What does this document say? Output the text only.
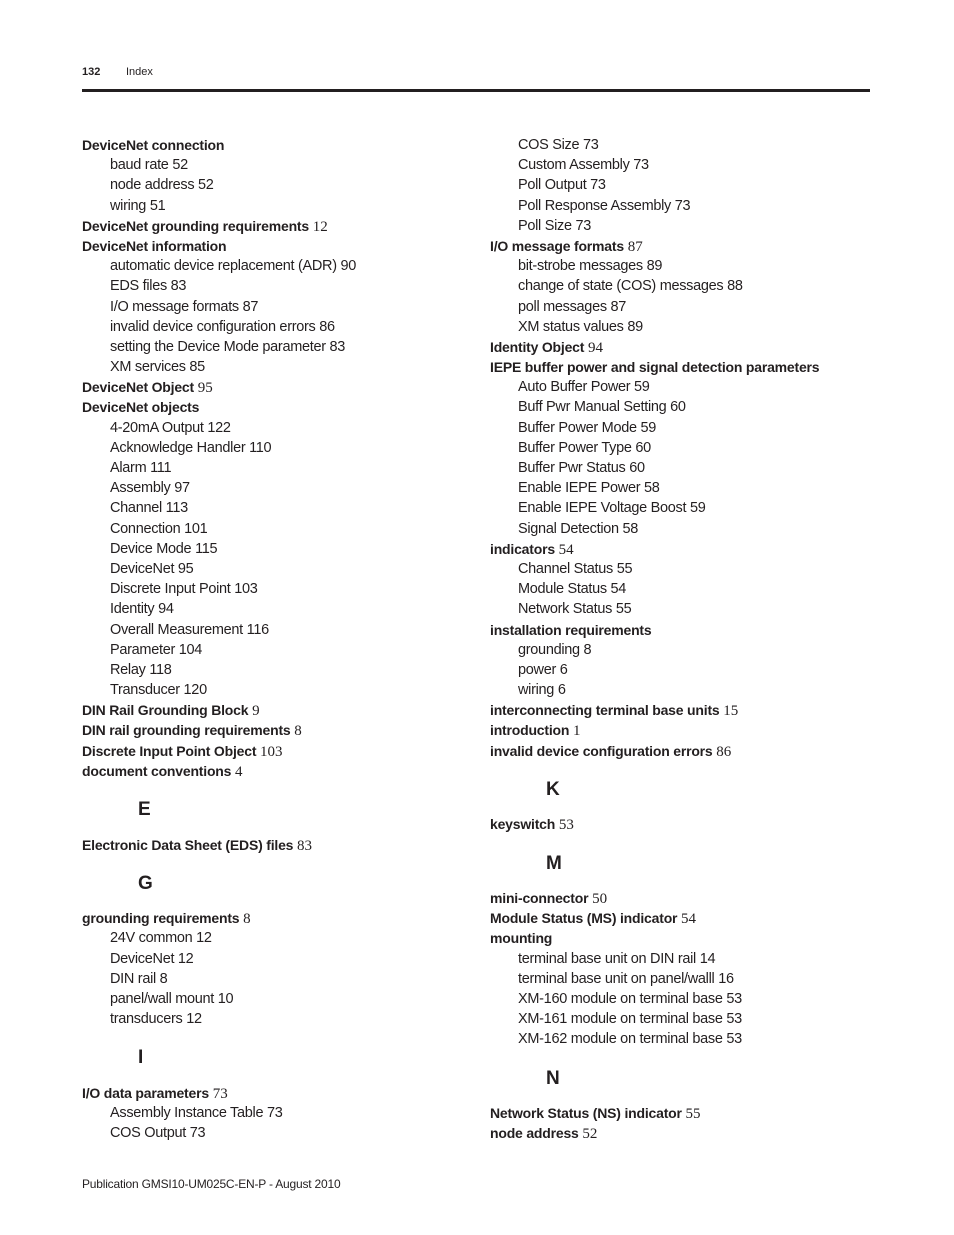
132 Index
DeviceNet connection
baud rate 52
node address 52
wiring 51
DeviceNet grounding requirements 12
DeviceNet information
automatic device replacement (ADR) 90
EDS files 83
I/O message formats 87
invalid device configuration errors 86
setting the Device Mode parameter 83
XM services 85
DeviceNet Object 95
DeviceNet objects
4-20mA Output 122
Acknowledge Handler 110
Alarm 111
Assembly 97
Channel 113
Connection 101
Device Mode 115
DeviceNet 95
Discrete Input Point 103
Identity 94
Overall Measurement 116
Parameter 104
Relay 118
Transducer 120
DIN Rail Grounding Block 9
DIN rail grounding requirements 8
Discrete Input Point Object 103
document conventions 4
E
Electronic Data Sheet (EDS) files 83
G
grounding requirements 8
24V common 12
DeviceNet 12
DIN rail 8
panel/wall mount 10
transducers 12
I
I/O data parameters 73
Assembly Instance Table 73
COS Output 73
COS Size 73
Custom Assembly 73
Poll Output 73
Poll Response Assembly 73
Poll Size 73
I/O message formats 87
bit-strobe messages 89
change of state (COS) messages 88
poll messages 87
XM status values 89
Identity Object 94
IEPE buffer power and signal detection parameters
Auto Buffer Power 59
Buff Pwr Manual Setting 60
Buffer Power Mode 59
Buffer Power Type 60
Buffer Pwr Status 60
Enable IEPE Power 58
Enable IEPE Voltage Boost 59
Signal Detection 58
indicators 54
Channel Status 55
Module Status 54
Network Status 55
installation requirements
grounding 8
power 6
wiring 6
interconnecting terminal base units 15
introduction 1
invalid device configuration errors 86
K
keyswitch 53
M
mini-connector 50
Module Status (MS) indicator 54
mounting
terminal base unit on DIN rail 14
terminal base unit on panel/walll 16
XM-160 module on terminal base 53
XM-161 module on terminal base 53
XM-162 module on terminal base 53
N
Network Status (NS) indicator 55
node address 52
Publication GMSI10-UM025C-EN-P - August 2010
